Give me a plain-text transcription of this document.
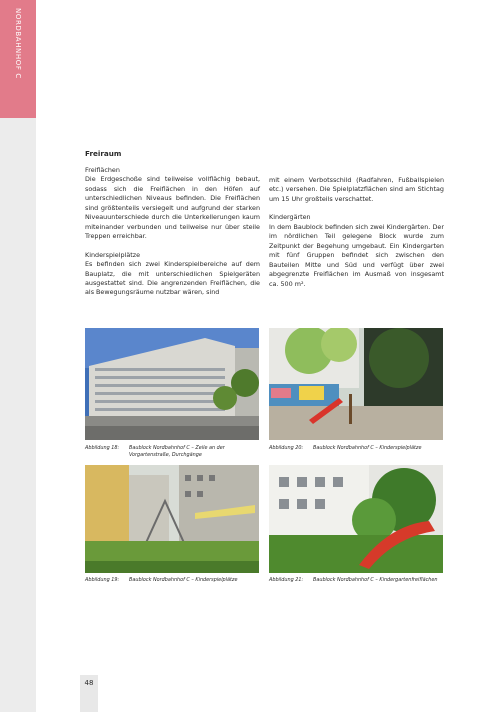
NORDBAHNHOF C
Freiraum

Freiflächen

Die Erdgeschoße sind teilweise vollflächig bebaut, sodass sich die Freiflächen in den Höfen auf unterschiedlichen Niveaus befinden. Die Freiflächen sind größtenteils versiegelt und aufgrund der starken Niveauunterschiede durch die Unterkellerungen kaum miteinander verbunden und teilweise nur über steile Treppen erreichbar.

Kinderspielplätze

Es befinden sich zwei Kinderspielbereiche auf dem Bauplatz, die mit unterschiedlichen Spielgeräten ausgestattet sind. Die angrenzenden Freiflächen, die als Bewegungsräume nutzbar wären, sind

mit einem Verbotsschild (Radfahren, Fußballspielen etc.) versehen. Die Spielplatzflächen sind am Stichtag um 15 Uhr großteils verschattet.

Kindergärten

In dem Baublock befinden sich zwei Kindergärten. Der im nördlichen Teil gelegene Block wurde zum Zeitpunkt der Begehung umgebaut. Ein Kindergarten mit fünf Gruppen befindet sich zwischen den Bauteilen Mitte und Süd und verfügt über zwei abgegrenzte Freiflächen im Ausmaß von insgesamt ca. 500 m².

Abbildung 18:	Baublock Nordbahnhof C – Zeile an der Vorgartenstraße, Durchgänge
Abbildung 20:	Baublock Nordbahnhof C – Kinderspielplätze
Abbildung 19:	Baublock Nordbahnhof C – Kinderspielplätze	Abbildung 21:	Baublock Nordbahnhof C – Kindergartenfreiflächen
48
